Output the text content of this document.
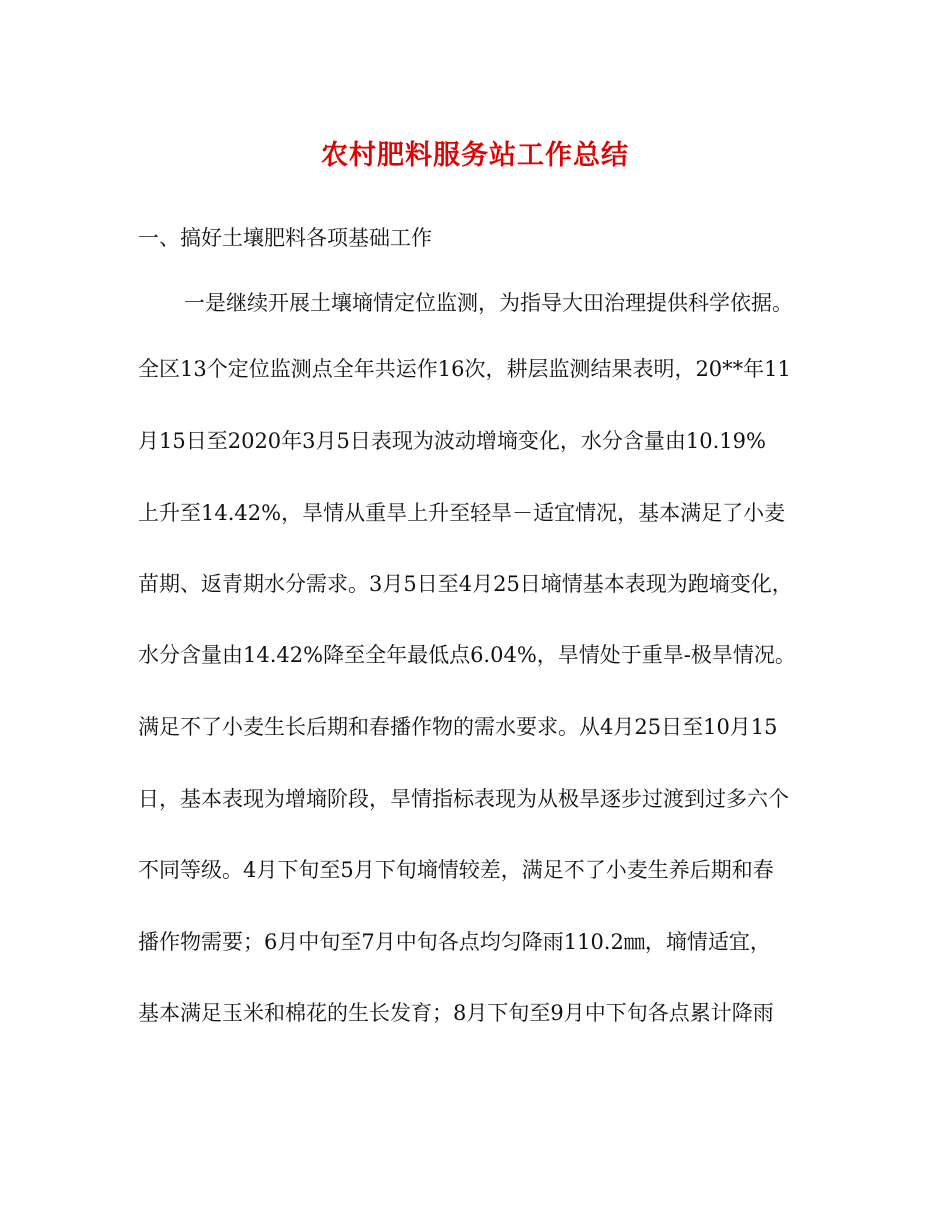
农村肥料服务站工作总结
一、搞好土壤肥料各项基础工作
一是继续开展土壤墒情定位监测，为指导大田治理提供科学依据。
全区13个定位监测点全年共运作16次，耕层监测结果表明，20**年11
月15日至2020年3月5日表现为波动增墒变化，水分含量由10.19%
上升至14.42%，旱情从重旱上升至轻旱－适宜情况，基本满足了小麦
苗期、返青期水分需求。3月5日至4月25日墒情基本表现为跑墒变化，
水分含量由14.42%降至全年最低点6.04%，旱情处于重旱-极旱情况。
满足不了小麦生长后期和春播作物的需水要求。从4月25日至10月15
日，基本表现为增墒阶段，旱情指标表现为从极旱逐步过渡到过多六个
不同等级。4月下旬至5月下旬墒情较差，满足不了小麦生养后期和春
播作物需要；6月中旬至7月中旬各点均匀降雨110.2㎜，墒情适宜，
基本满足玉米和棉花的生长发育；8月下旬至9月中下旬各点累计降雨
